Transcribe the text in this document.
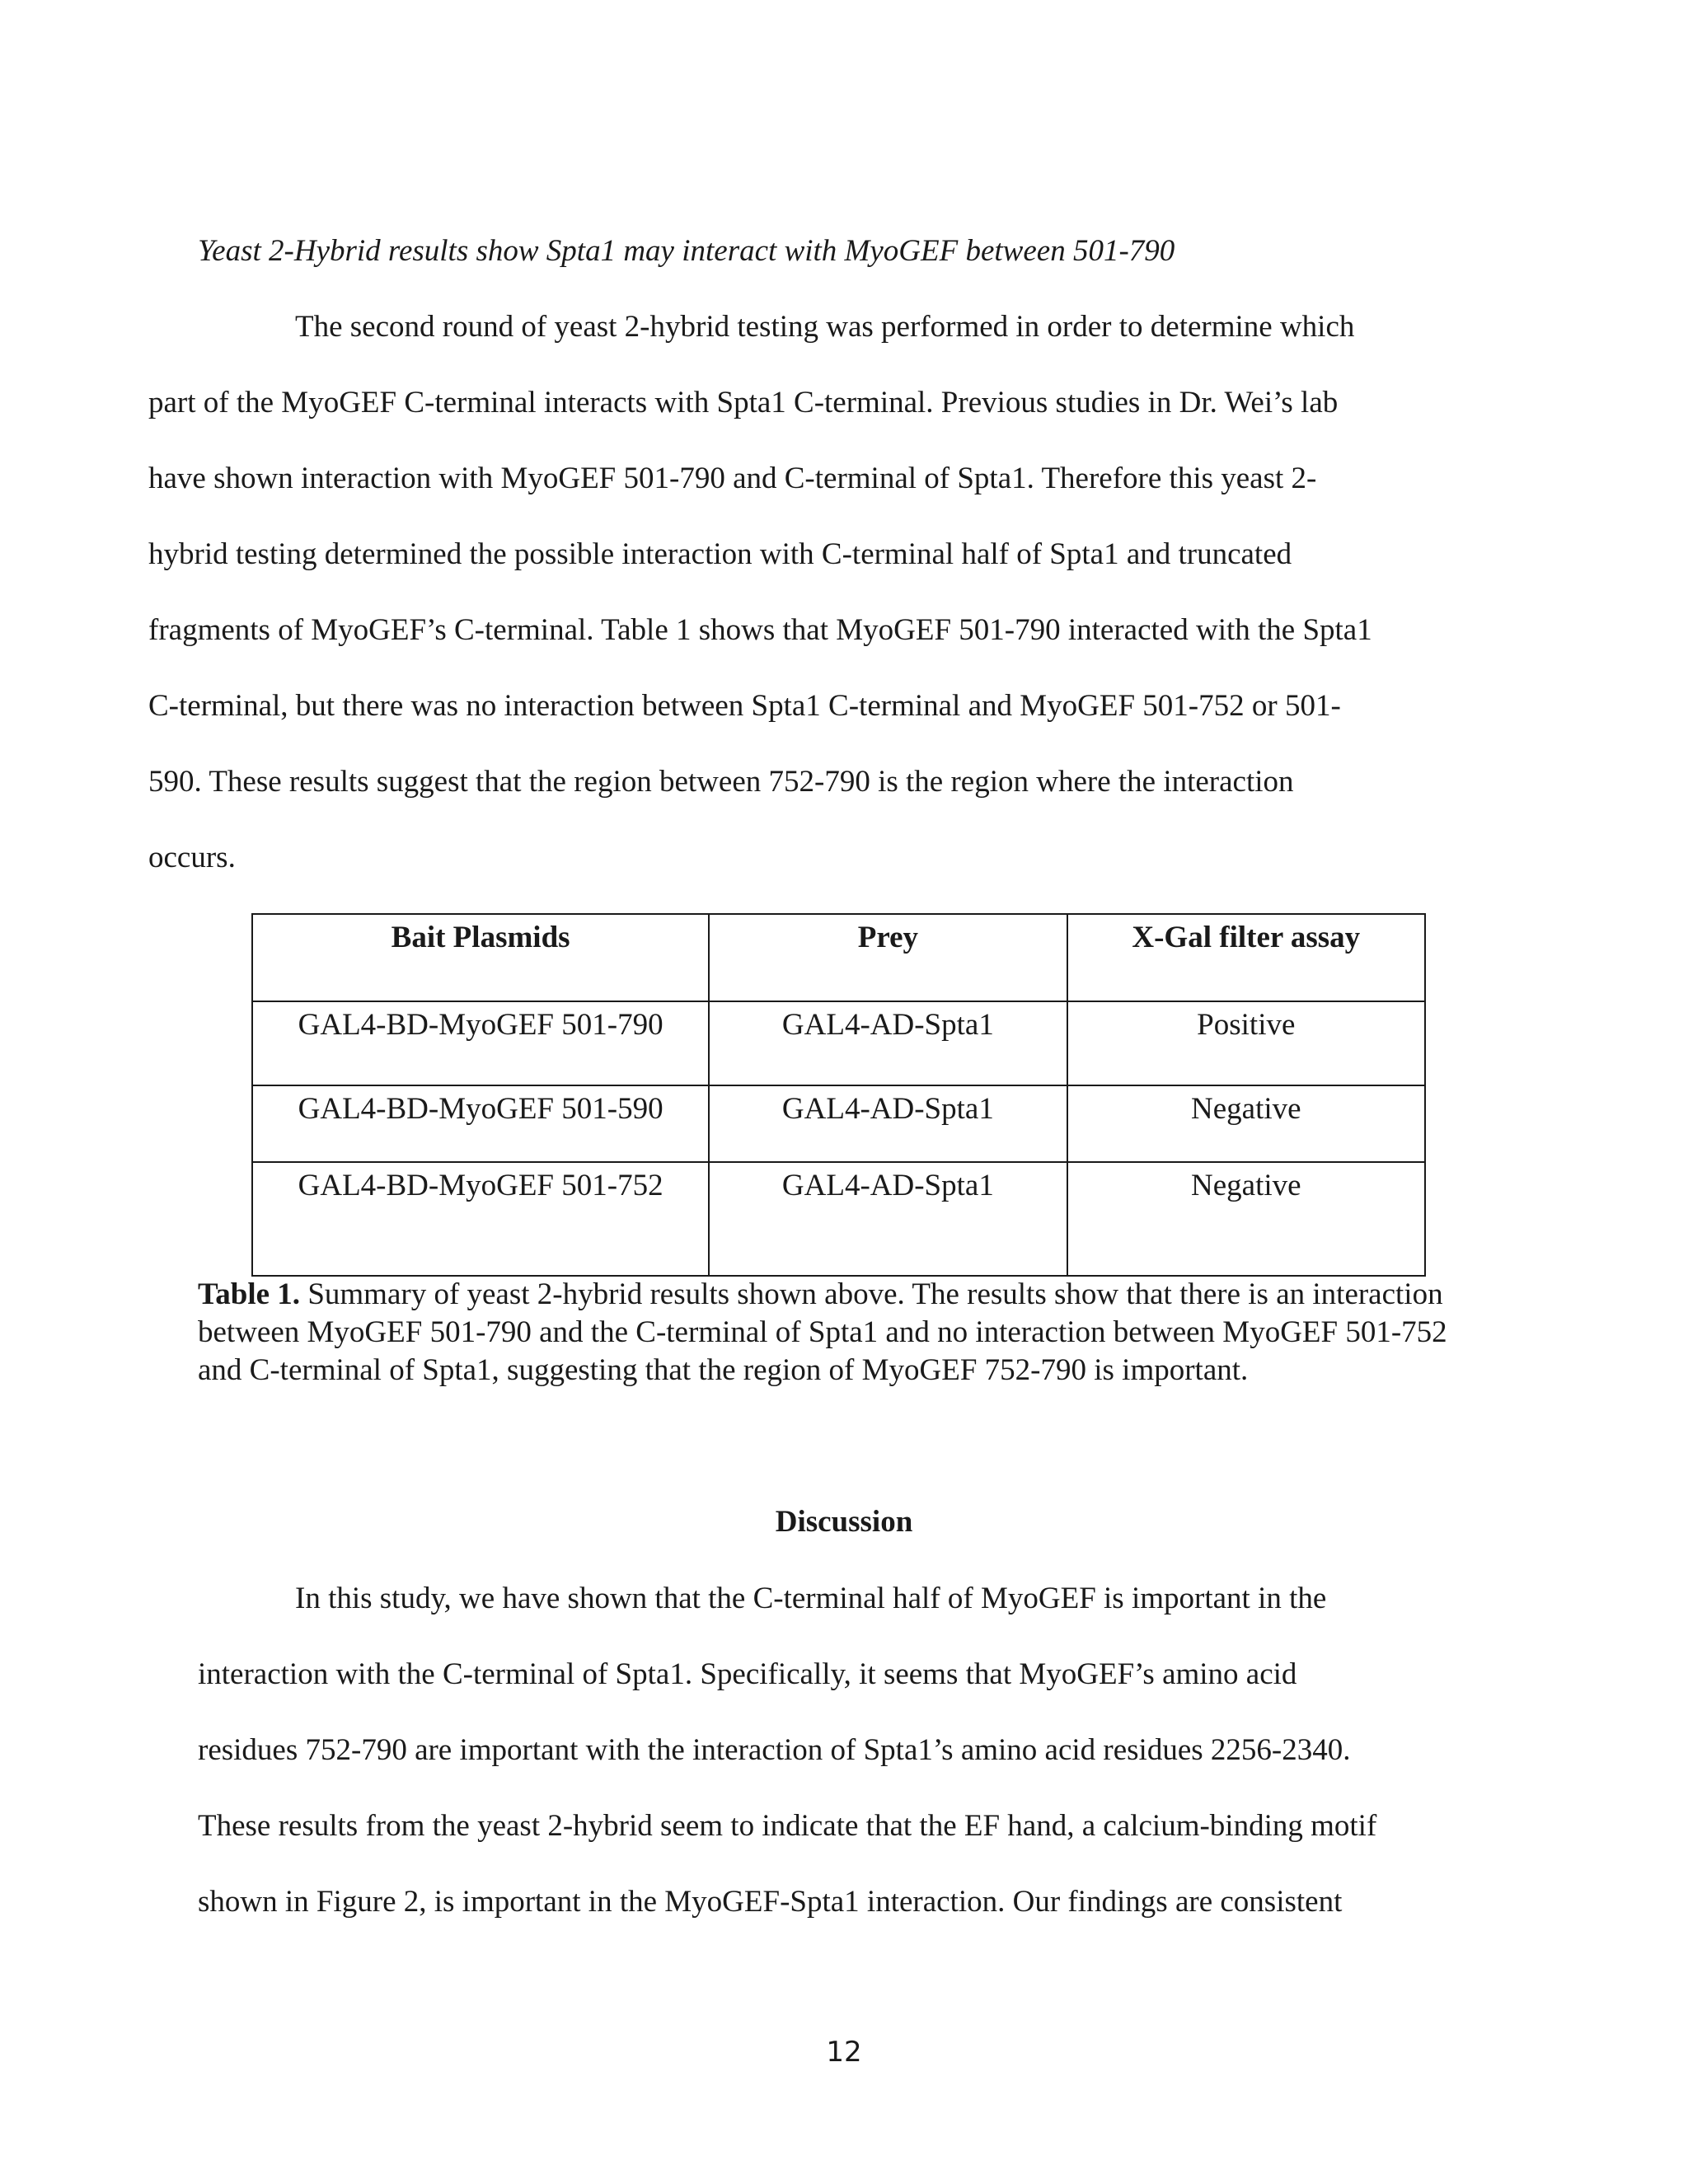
Yeast 2-Hybrid results show Spta1 may interact with MyoGEF between 501-790
The second round of yeast 2-hybrid testing was performed in order to determine which
part of the MyoGEF C-terminal interacts with Spta1 C-terminal. Previous studies in Dr. Wei’s lab
have shown interaction with MyoGEF 501-790 and C-terminal of Spta1. Therefore this yeast 2-
hybrid testing determined the possible interaction with C-terminal half of Spta1 and truncated
fragments of MyoGEF’s C-terminal. Table 1 shows that MyoGEF 501-790 interacted with the Spta1
C-terminal, but there was no interaction between Spta1 C-terminal and MyoGEF 501-752 or 501-
590. These results suggest that the region between 752-790 is the region where the interaction
occurs.
Bait Plasmids	Prey	X-Gal filter assay
GAL4-BD-MyoGEF 501-790	GAL4-AD-Spta1	Positive
GAL4-BD-MyoGEF 501-590	GAL4-AD-Spta1	Negative
GAL4-BD-MyoGEF 501-752	GAL4-AD-Spta1	Negative
Table 1. Summary of yeast 2-hybrid results shown above. The results show that there is an interaction between MyoGEF 501-790 and the C-terminal of Spta1 and no interaction between MyoGEF 501-752 and C-terminal of Spta1, suggesting that the region of MyoGEF 752-790 is important.
Discussion
In this study, we have shown that the C-terminal half of MyoGEF is important in the
interaction with the C-terminal of Spta1. Specifically, it seems that MyoGEF’s amino acid
residues 752-790 are important with the interaction of Spta1’s amino acid residues 2256-2340.
These results from the yeast 2-hybrid seem to indicate that the EF hand, a calcium-binding motif
shown in Figure 2, is important in the MyoGEF-Spta1 interaction. Our findings are consistent
12
